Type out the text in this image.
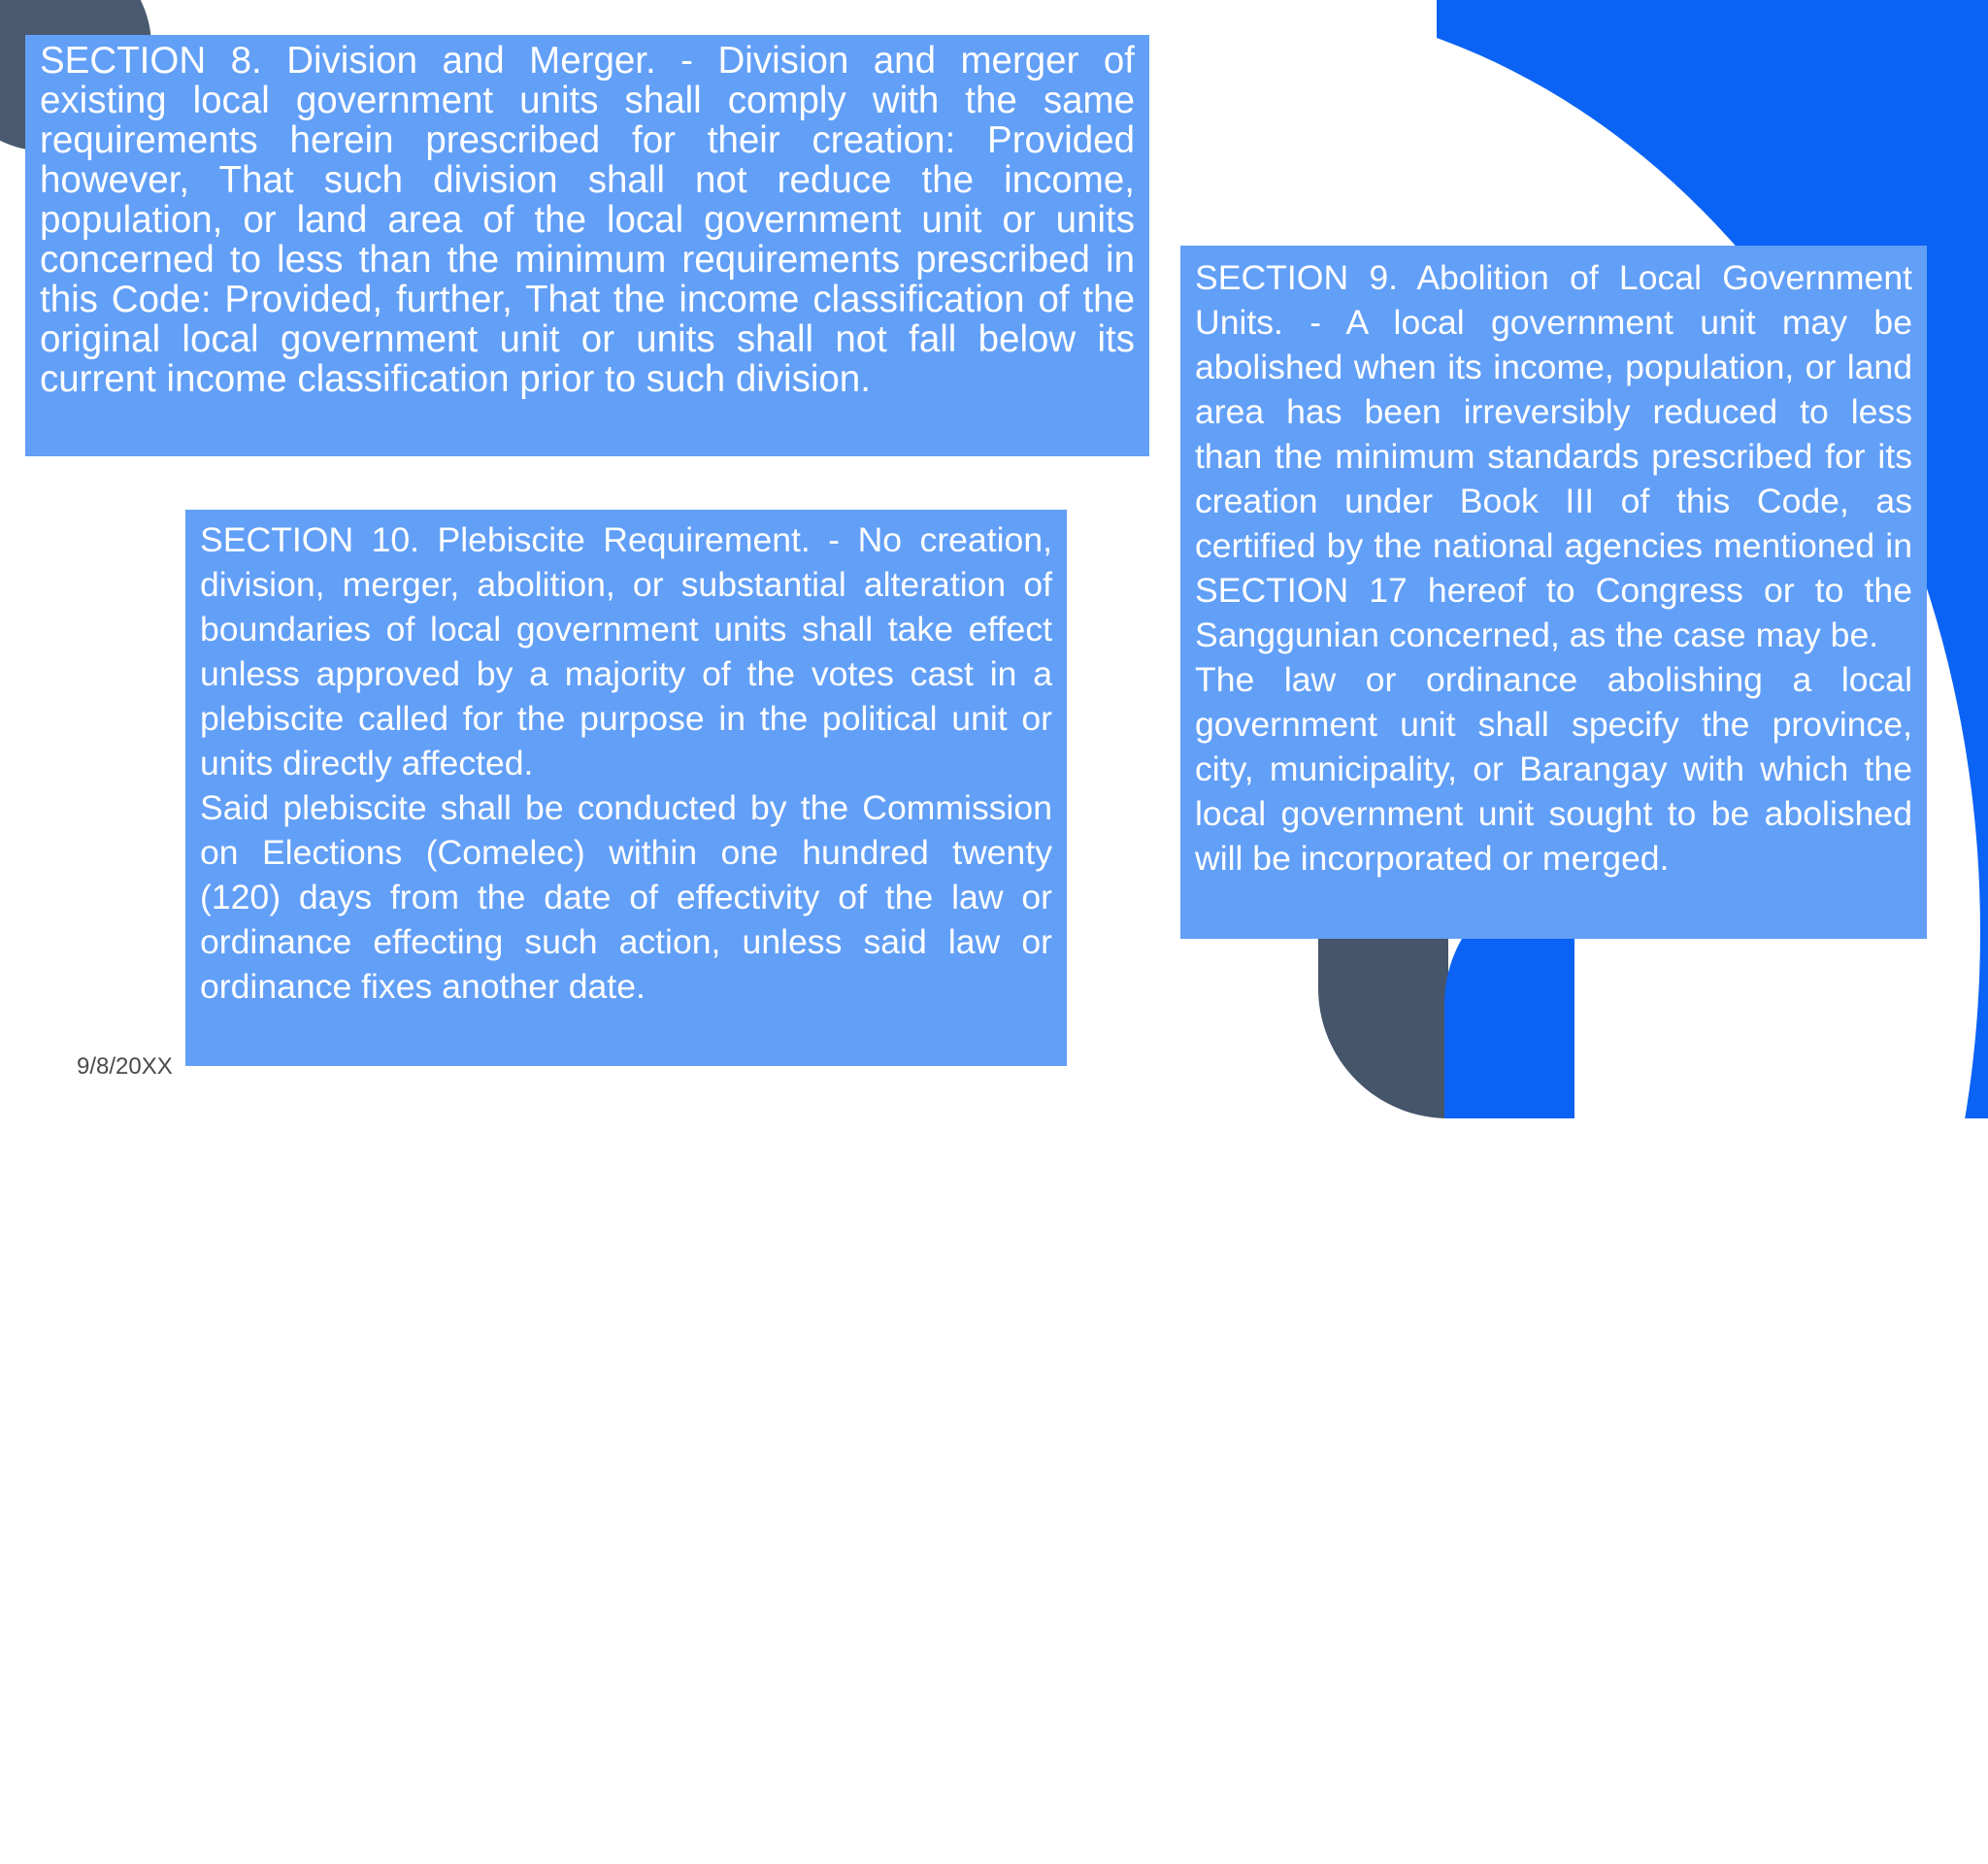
SECTION 8. Division and Merger. - Division and merger of existing local government units shall comply with the same requirements herein prescribed for their creation: Provided however, That such division shall not reduce the income, population, or land area of the local government unit or units concerned to less than the minimum requirements prescribed in this Code: Provided, further, That the income classification of the original local government unit or units shall not fall below its current income classification prior to such division.

SECTION 9. Abolition of Local Government Units. - A local government unit may be abolished when its income, population, or land area has been irreversibly reduced to less than the minimum standards prescribed for its creation under Book III of this Code, as certified by the national agencies mentioned in SECTION 17 hereof to Congress or to the Sanggunian concerned, as the case may be.

The law or ordinance abolishing a local government unit shall specify the province, city, municipality, or Barangay with which the local government unit sought to be abolished will be incorporated or merged.

SECTION 10. Plebiscite Requirement. - No creation, division, merger, abolition, or substantial alteration of boundaries of local government units shall take effect unless approved by a majority of the votes cast in a plebiscite called for the purpose in the political unit or units directly affected.

Said plebiscite shall be conducted by the Commission on Elections (Comelec) within one hundred twenty (120) days from the date of effectivity of the law or ordinance effecting such action, unless said law or ordinance fixes another date.

9/8/20XX	12
